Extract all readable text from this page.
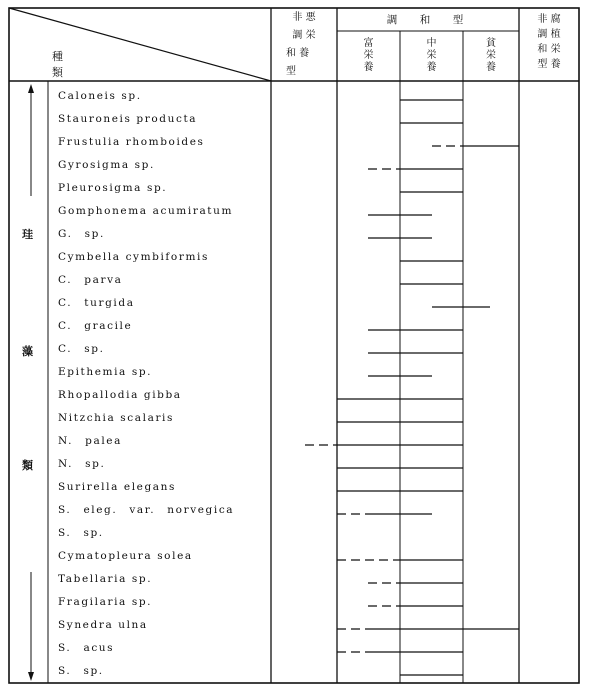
種　類
非 悪
調 栄
和 養
型
調　和　型
富
栄
養
中
栄
養
貧
栄
養
非 腐
調 植
和 栄
型 養
珪
藻
類
Caloneis sp.
Stauroneis producta
Frustulia rhomboides
Gyrosigma sp.
Pleurosigma sp.
Gomphonema acumiratum
G.　sp.
Cymbella cymbiformis
C.　parva
C.　turgida
C.　gracile
C.　sp.
Epithemia sp.
Rhopallodia gibba
Nitzchia scalaris
N.　palea
N.　sp.
Surirella elegans
S.　eleg.　var.　norvegica
S.　sp.
Cymatopleura solea
Tabellaria sp.
Fragilaria sp.
Synedra ulna
S.　acus
S.　sp.
